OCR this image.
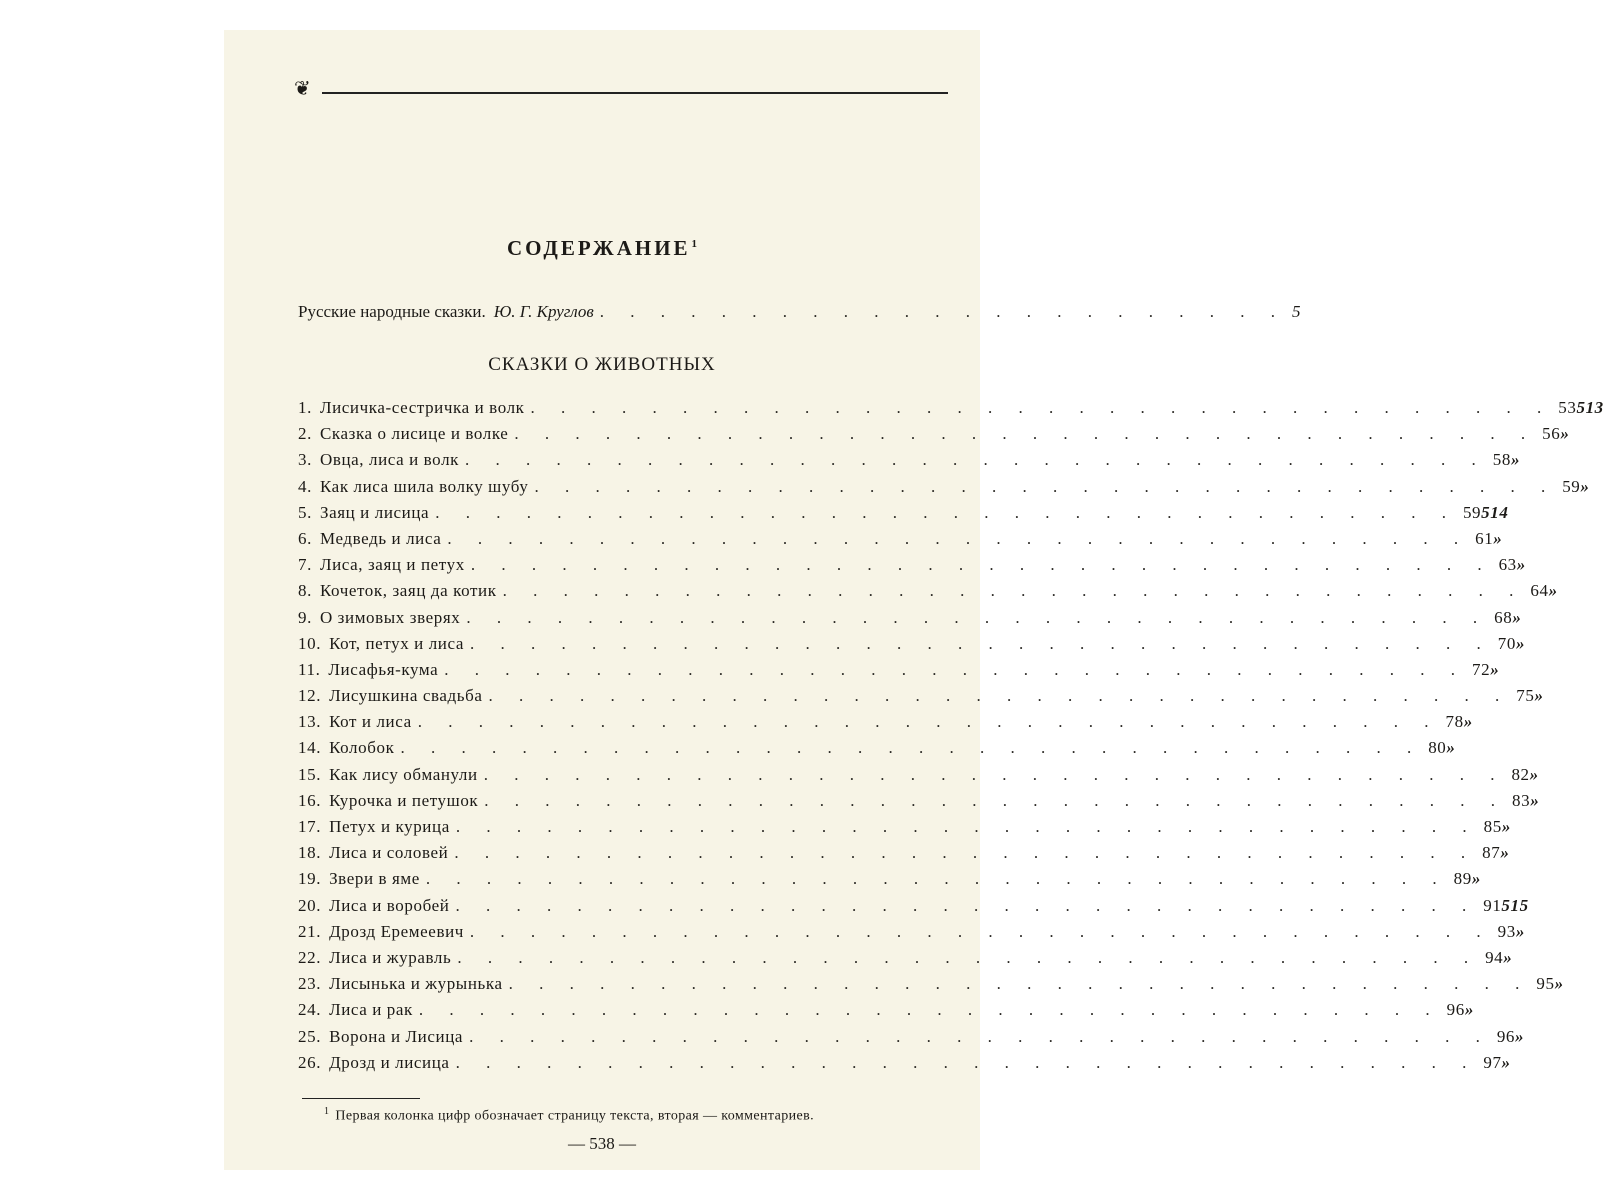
❦
СОДЕРЖАНИЕ$^1$
Русские народные сказки. Ю. Г. Круглов . . . . . . . . . . . . . . . . . . . . . . . 5
СКАЗКИ О ЖИВОТНЫХ
1. Лисичка-сестричка и волк . . . . . . . . . . . . . . . . . . . . . . . . . . . . . . . . . . 53 513
2. Сказка о лисице и волке . . . . . . . . . . . . . . . . . . . . . . . . . . . . . . . . . . 56 »
3. Овца, лиса и волк . . . . . . . . . . . . . . . . . . . . . . . . . . . . . . . . . . 58 »
4. Как лиса шила волку шубу . . . . . . . . . . . . . . . . . . . . . . . . . . . . . . . . . . 59 »
5. Заяц и лисица . . . . . . . . . . . . . . . . . . . . . . . . . . . . . . . . . . 59 514
6. Медведь и лиса . . . . . . . . . . . . . . . . . . . . . . . . . . . . . . . . . . 61 »
7. Лиса, заяц и петух . . . . . . . . . . . . . . . . . . . . . . . . . . . . . . . . . . 63 »
8. Кочеток, заяц да котик . . . . . . . . . . . . . . . . . . . . . . . . . . . . . . . . . . 64 »
9. О зимовых зверях . . . . . . . . . . . . . . . . . . . . . . . . . . . . . . . . . . 68 »
10. Кот, петух и лиса . . . . . . . . . . . . . . . . . . . . . . . . . . . . . . . . . . 70 »
11. Лисафья-кума . . . . . . . . . . . . . . . . . . . . . . . . . . . . . . . . . . 72 »
12. Лисушкина свадьба . . . . . . . . . . . . . . . . . . . . . . . . . . . . . . . . . . 75 »
13. Кот и лиса . . . . . . . . . . . . . . . . . . . . . . . . . . . . . . . . . . 78 »
14. Колобок . . . . . . . . . . . . . . . . . . . . . . . . . . . . . . . . . . 80 »
15. Как лису обманули . . . . . . . . . . . . . . . . . . . . . . . . . . . . . . . . . . 82 »
16. Курочка и петушок . . . . . . . . . . . . . . . . . . . . . . . . . . . . . . . . . . 83 »
17. Петух и курица . . . . . . . . . . . . . . . . . . . . . . . . . . . . . . . . . . 85 »
18. Лиса и соловей . . . . . . . . . . . . . . . . . . . . . . . . . . . . . . . . . . 87 »
19. Звери в яме . . . . . . . . . . . . . . . . . . . . . . . . . . . . . . . . . . 89 »
20. Лиса и воробей . . . . . . . . . . . . . . . . . . . . . . . . . . . . . . . . . . 91 515
21. Дрозд Еремеевич . . . . . . . . . . . . . . . . . . . . . . . . . . . . . . . . . . 93 »
22. Лиса и журавль . . . . . . . . . . . . . . . . . . . . . . . . . . . . . . . . . . 94 »
23. Лисынька и журынька . . . . . . . . . . . . . . . . . . . . . . . . . . . . . . . . . . 95 »
24. Лиса и рак . . . . . . . . . . . . . . . . . . . . . . . . . . . . . . . . . . 96 »
25. Ворона и Лисица . . . . . . . . . . . . . . . . . . . . . . . . . . . . . . . . . . 96 »
26. Дрозд и лисица . . . . . . . . . . . . . . . . . . . . . . . . . . . . . . . . . . 97 »
$^1$ Первая колонка цифр обозначает страницу текста, вторая — комментариев.
— 538 —
